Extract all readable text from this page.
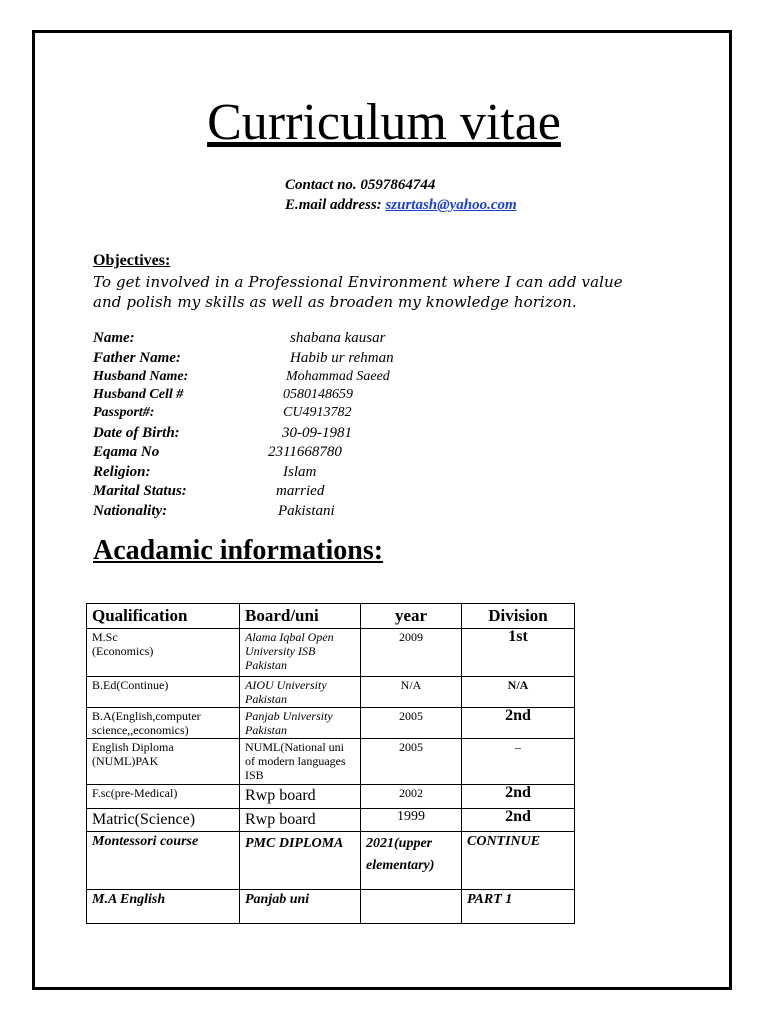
Curriculum vitae
Contact no. 0597864744
E.mail address: szurtash@yahoo.com
Objectives:
To get involved in a Professional Environment where I can add value and polish my skills as well as broaden my knowledge horizon.
Name:	shabana kausar
Father Name:	Habib ur rehman
Husband Name:	Mohammad Saeed
Husband Cell #	0580148659
Passport#:	CU4913782
Date of Birth:	30-09-1981
Eqama No	2311668780
Religion:	Islam
Marital Status:	married
Nationality:	Pakistani
Acadamic informations:
Qualification	Board/uni	year	Division
M.Sc
(Economics)	Alama Iqbal Open University ISB Pakistan	2009	1st
B.Ed(Continue)	AIOU University Pakistan	N/A	N/A
B.A(English,computer science,,economics)	Panjab University Pakistan	2005	2nd
English Diploma (NUML)PAK	NUML(National uni of modern languages ISB	2005	–
F.sc(pre-Medical)	Rwp board	2002	2nd
Matric(Science)	Rwp board	1999	2nd
Montessori course	PMC DIPLOMA	2021(upper elementary)	CONTINUE
M.A English	Panjab uni		PART 1
